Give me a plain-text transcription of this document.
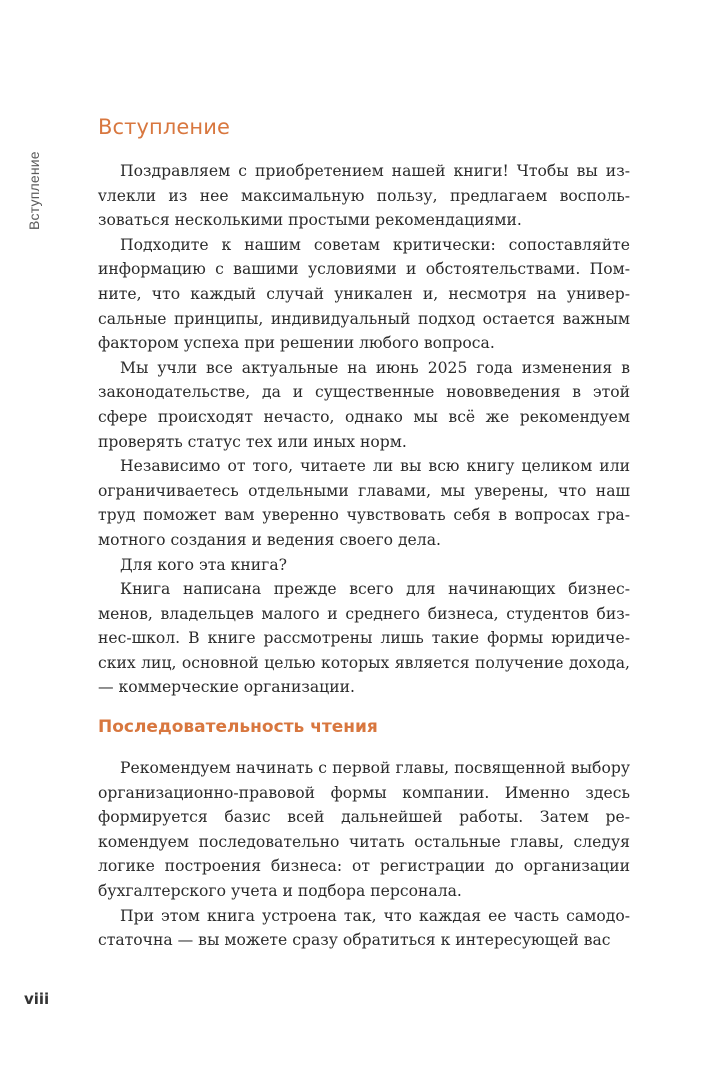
Вступление
Вступление

Поздравляем с приобретением нашей книги! Чтобы вы изvлекли из нее максимальную пользу, предлагаем воспользоваться несколькими простыми рекомендациями.

Подходите к нашим советам критически: сопоставляйте информацию с вашими условиями и обстоятельствами. Помните, что каждый случай уникален и, несмотря на универсальные принципы, индивидуальный подход остается важным фактором успеха при решении любого вопроса.

Мы учли все актуальные на июнь 2025 года изменения в законодательстве, да и существенные нововведения в этой сфере происходят нечасто, однако мы всё же рекомендуем проверять статус тех или иных норм.

Независимо от того, читаете ли вы всю книгу целиком или ограничиваетесь отдельными главами, мы уверены, что наш труд поможет вам уверенно чувствовать себя в вопросах грамотного создания и ведения своего дела.

Для кого эта книга?

Книга написана прежде всего для начинающих бизнесменов, владельцев малого и среднего бизнеса, студентов бизнес-школ. В книге рассмотрены лишь такие формы юридических лиц, основной целью которых является получение дохода, — коммерческие организации.

Последовательность чтения

Рекомендуем начинать с первой главы, посвященной выбору организационно-правовой формы компании. Именно здесь формируется базис всей дальнейшей работы. Затем рекомендуем последовательно читать остальные главы, следуя логике построения бизнеса: от регистрации до организации бухгалтерского учета и подбора персонала.

При этом книга устроена так, что каждая ее часть самодостаточна — вы можете сразу обратиться к интересующей вас

viii
